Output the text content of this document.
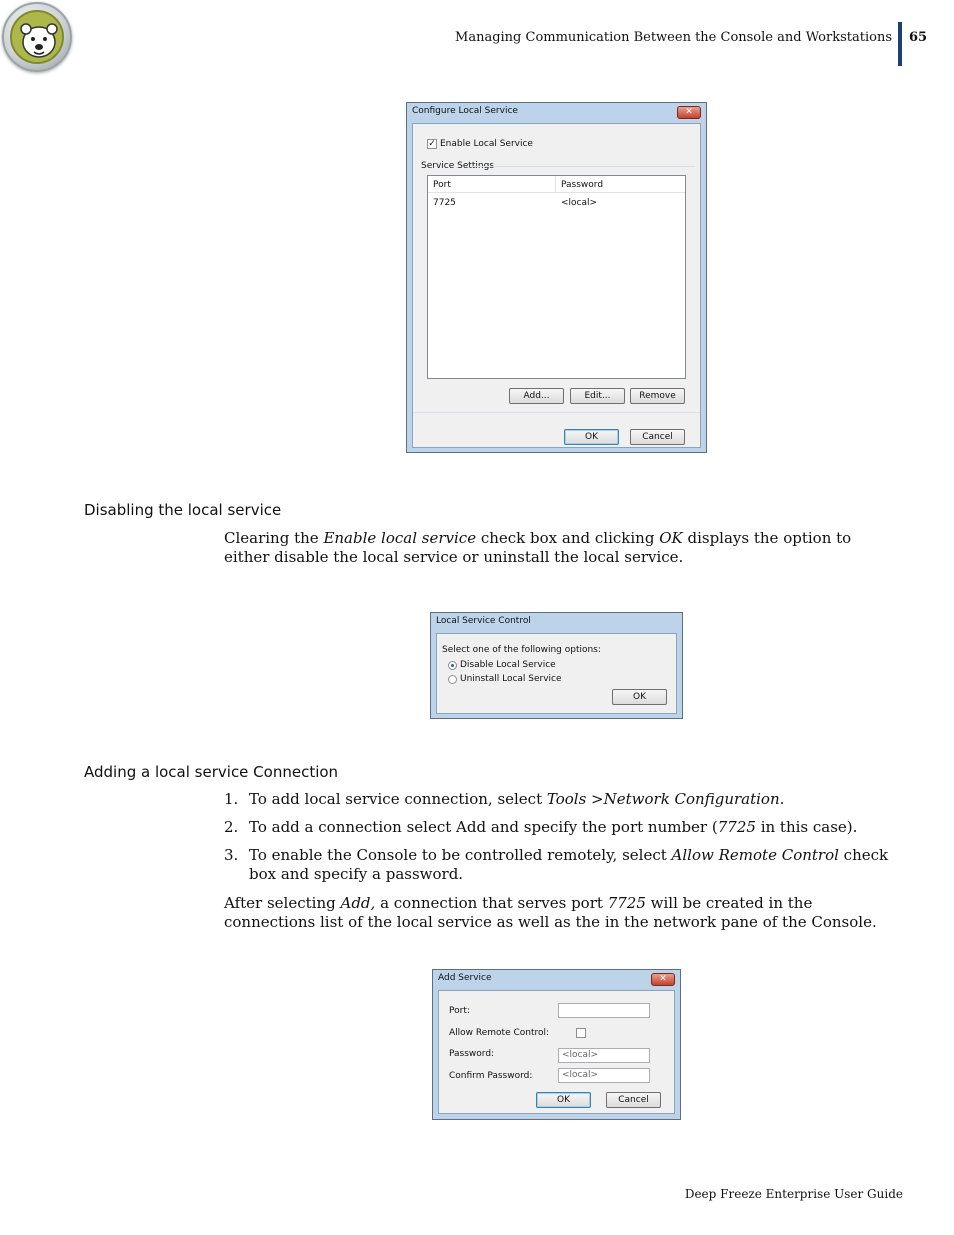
Managing Communication Between the Console and Workstations 65
Configure Local Service	✕
✓ Enable Local Service
Service Settings
Port	Password
7725	<local>
Add...	Edit...	Remove
OK	Cancel
Disabling the local service
Clearing the Enable local service check box and clicking OK displays the option to either disable the local service or uninstall the local service.
Local Service Control
Select one of the following options:
Disable Local Service
Uninstall Local Service
OK
Adding a local service Connection
1. To add local service connection, select Tools >Network Configuration.
2. To add a connection select Add and specify the port number (7725 in this case).
3. To enable the Console to be controlled remotely, select Allow Remote Control check box and specify a password.
After selecting Add, a connection that serves port 7725 will be created in the connections list of the local service as well as the in the network pane of the Console.
Add Service	✕
Port:
Allow Remote Control:
Password:	<local>
Confirm Password:	<local>
OK	Cancel
Deep Freeze Enterprise User Guide
